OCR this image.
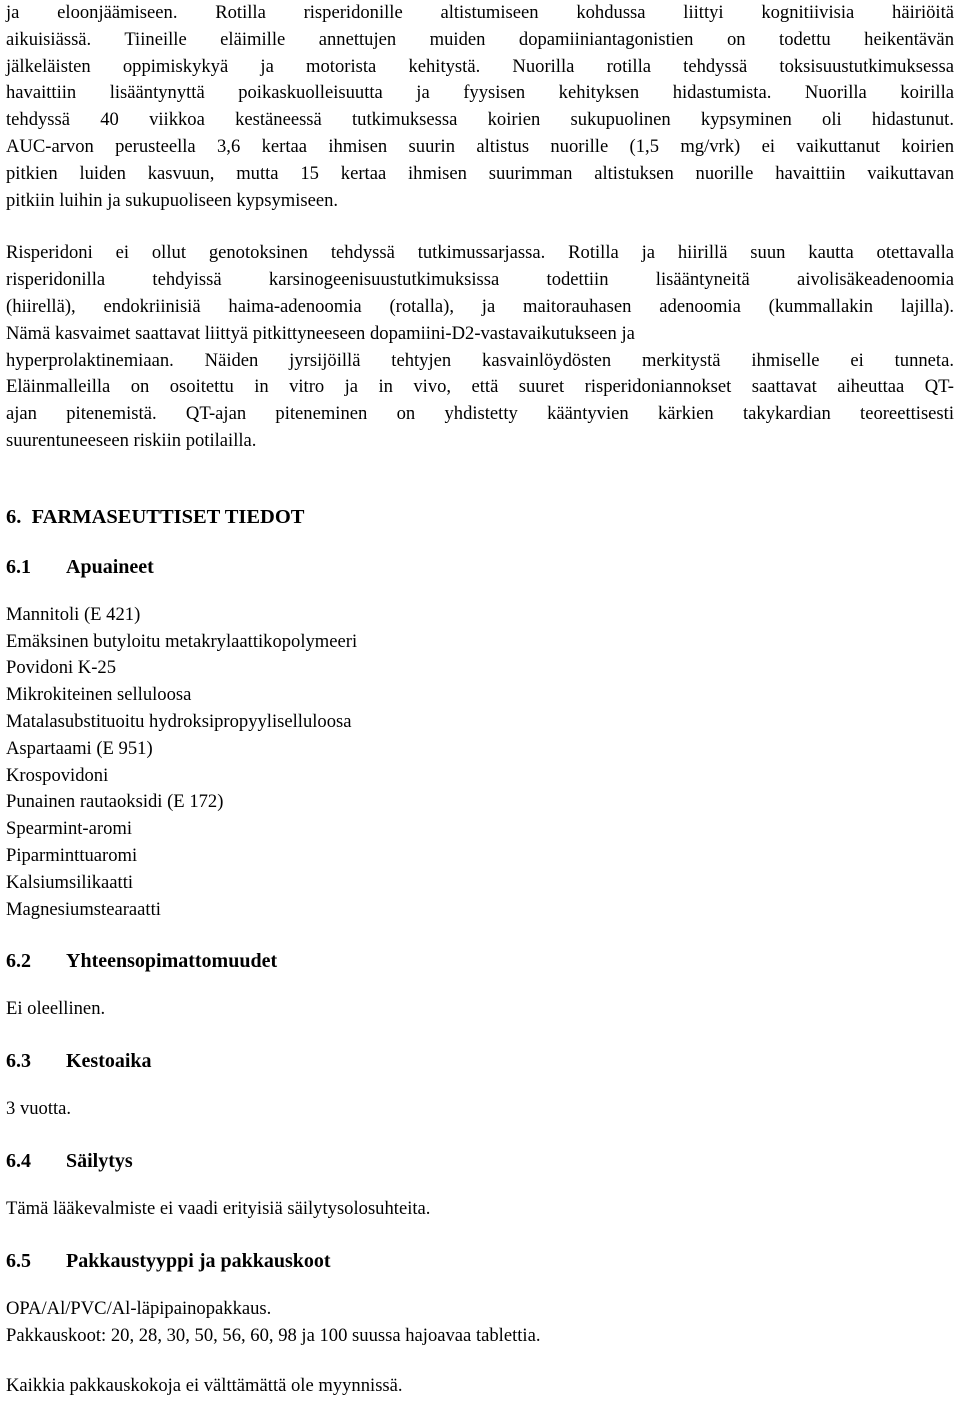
ja eloonjäämiseen. Rotilla risperidonille altistumiseen kohdussa liittyi kognitiivisia häiriöitä
aikuisiässä. Tiineille eläimille annettujen muiden dopamiiniantagonistien on todettu heikentävän
jälkeläisten oppimiskykyä ja motorista kehitystä. Nuorilla rotilla tehdyssä toksisuustutkimuksessa
havaittiin lisääntynyttä poikaskuolleisuutta ja fyysisen kehityksen hidastumista. Nuorilla koirilla
tehdyssä 40 viikkoa kestäneessä tutkimuksessa koirien sukupuolinen kypsyminen oli hidastunut.
AUC-arvon perusteella 3,6 kertaa ihmisen suurin altistus nuorille (1,5 mg/vrk) ei vaikuttanut koirien
pitkien luiden kasvuun, mutta 15 kertaa ihmisen suurimman altistuksen nuorille havaittiin vaikuttavan
pitkiin luihin ja sukupuoliseen kypsymiseen.
Risperidoni ei ollut genotoksinen tehdyssä tutkimussarjassa. Rotilla ja hiirillä suun kautta otettavalla
risperidonilla tehdyissä karsinogeenisuustutkimuksissa todettiin lisääntyneitä aivolisäkeadenoomia
(hiirellä), endokriinisiä haima-adenoomia (rotalla), ja maitorauhasen adenoomia (kummallakin lajilla).
Nämä kasvaimet saattavat liittyä pitkittyneeseen dopamiini-D2-vastavaikutukseen ja
hyperprolaktinemiaan. Näiden jyrsijöillä tehtyjen kasvainlöydösten merkitystä ihmiselle ei tunneta.
Eläinmalleilla on osoitettu in vitro ja in vivo, että suuret risperidoniannokset saattavat aiheuttaa QT-
ajan pitenemistä. QT-ajan piteneminen on yhdistetty kääntyvien kärkien takykardian teoreettisesti
suurentuneeseen riskiin potilailla.
6.  FARMASEUTTISET TIEDOT
6.1 Apuaineet
Mannitoli (E 421)
Emäksinen butyloitu metakrylaattikopolymeeri
Povidoni K-25
Mikrokiteinen selluloosa
Matalasubstituoitu hydroksipropyyliselluloosa
Aspartaami (E 951)
Krospovidoni
Punainen rautaoksidi (E 172)
Spearmint-aromi
Piparminttuaromi
Kalsiumsilikaatti
Magnesiumstearaatti
6.2 Yhteensopimattomuudet
Ei oleellinen.
6.3 Kestoaika
3 vuotta.
6.4 Säilytys
Tämä lääkevalmiste ei vaadi erityisiä säilytysolosuhteita.
6.5 Pakkaustyyppi ja pakkauskoot
OPA/Al/PVC/Al-läpipainopakkaus.
Pakkauskoot: 20, 28, 30, 50, 56, 60, 98 ja 100 suussa hajoavaa tablettia.
Kaikkia pakkauskokoja ei välttämättä ole myynnissä.
